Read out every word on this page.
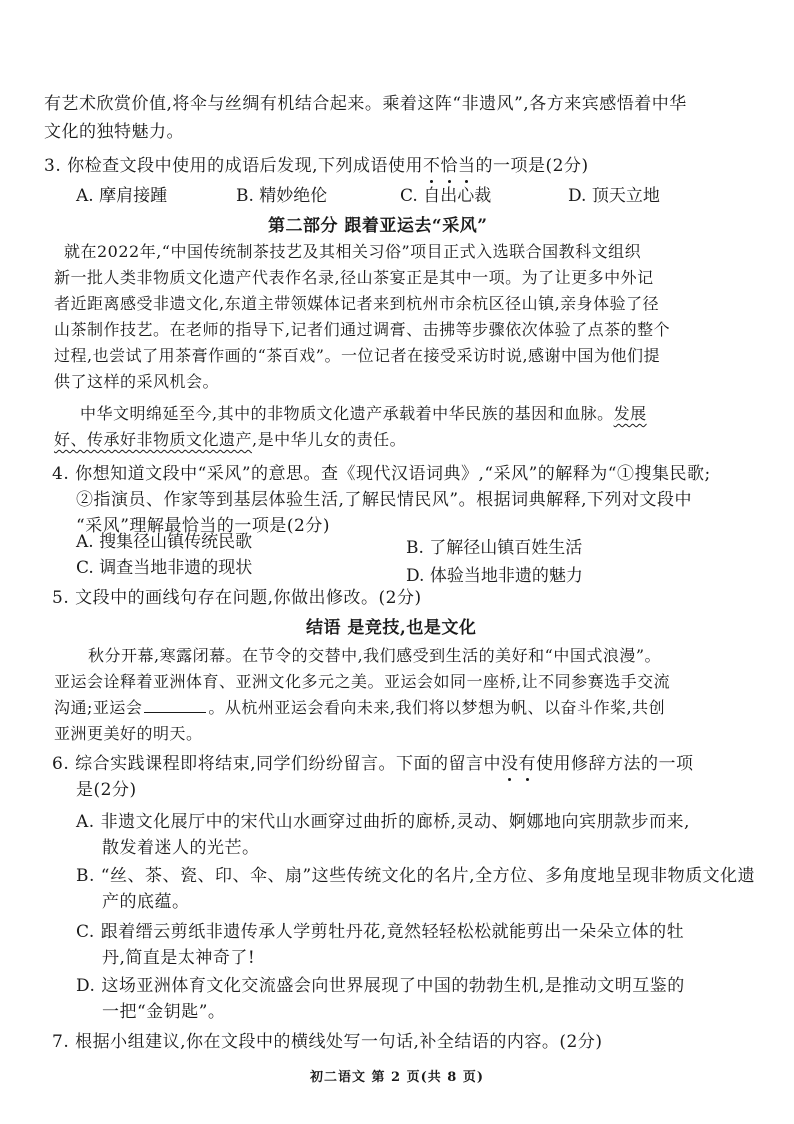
有艺术欣赏价值,将伞与丝绸有机结合起来。乘着这阵“非遗风”,各方来宾感悟着中华
文化的独特魅力。
3. 你检查文段中使用的成语后发现,下列成语使用不恰当的一项是(2分)
A. 摩肩接踵	B. 精妙绝伦	C. 自出心裁	D. 顶天立地
第二部分 跟着亚运去“采风”
就在2022年,“中国传统制茶技艺及其相关习俗”项目正式入选联合国教科文组织
新一批人类非物质文化遗产代表作名录,径山茶宴正是其中一项。为了让更多中外记
者近距离感受非遗文化,东道主带领媒体记者来到杭州市余杭区径山镇,亲身体验了径
山茶制作技艺。在老师的指导下,记者们通过调膏、击拂等步骤依次体验了点茶的整个
过程,也尝试了用茶膏作画的“茶百戏”。一位记者在接受采访时说,感谢中国为他们提
供了这样的采风机会。
中华文明绵延至今,其中的非物质文化遗产承载着中华民族的基因和血脉。发展
好、传承好非物质文化遗产,是中华儿女的责任。
4. 你想知道文段中“采风”的意思。查《现代汉语词典》,“采风”的解释为“①搜集民歌;
②指演员、作家等到基层体验生活,了解民情民风”。根据词典解释,下列对文段中
“采风”理解最恰当的一项是(2分)
A. 搜集径山镇传统民歌	B. 了解径山镇百姓生活
C. 调查当地非遗的现状	D. 体验当地非遗的魅力
5. 文段中的画线句存在问题,你做出修改。(2分)
结语 是竞技,也是文化
秋分开幕,寒露闭幕。在节令的交替中,我们感受到生活的美好和“中国式浪漫”。
亚运会诠释着亚洲体育、亚洲文化多元之美。亚运会如同一座桥,让不同参赛选手交流
沟通;亚运会	。从杭州亚运会看向未来,我们将以梦想为帆、以奋斗作桨,共创
亚洲更美好的明天。
6. 综合实践课程即将结束,同学们纷纷留言。下面的留言中没有使用修辞方法的一项
是(2分)
A. 非遗文化展厅中的宋代山水画穿过曲折的廊桥,灵动、婀娜地向宾朋款步而来,
散发着迷人的光芒。
B. “丝、茶、瓷、印、伞、扇”这些传统文化的名片,全方位、多角度地呈现非物质文化遗
产的底蕴。
C. 跟着缙云剪纸非遗传承人学剪牡丹花,竟然轻轻松松就能剪出一朵朵立体的牡
丹,简直是太神奇了!
D. 这场亚洲体育文化交流盛会向世界展现了中国的勃勃生机,是推动文明互鉴的
一把“金钥匙”。
7. 根据小组建议,你在文段中的横线处写一句话,补全结语的内容。(2分)
初二语文 第 2 页(共 8 页)
